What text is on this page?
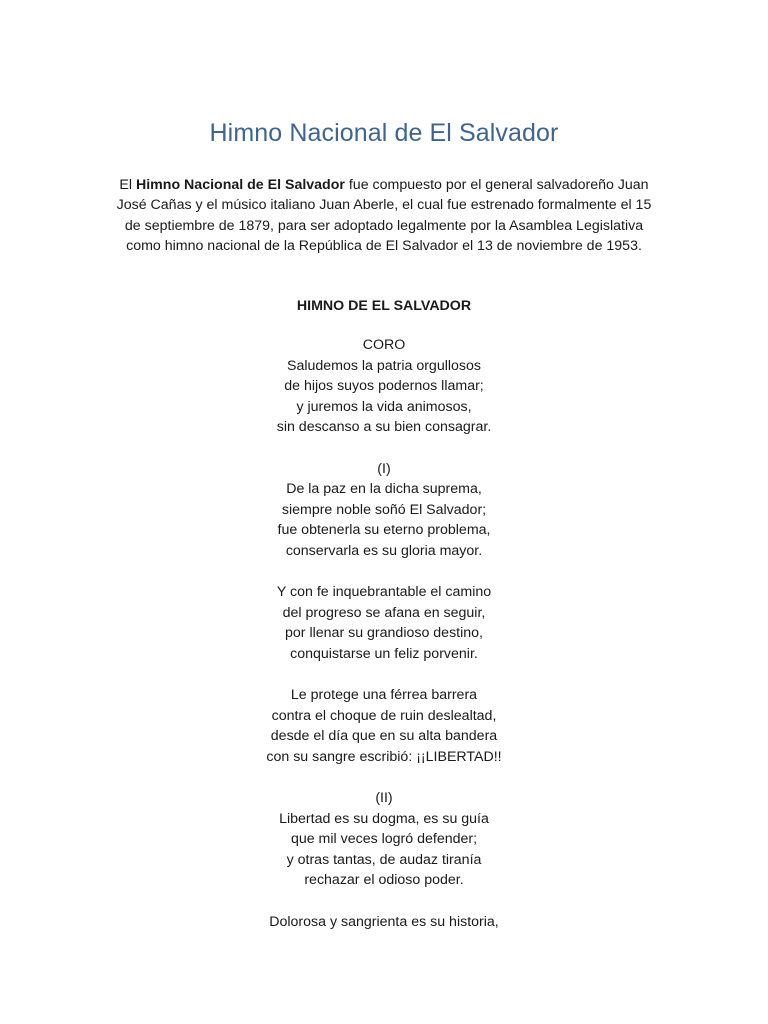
Himno Nacional de El Salvador

El Himno Nacional de El Salvador fue compuesto por el general salvadoreño Juan José Cañas y el músico italiano Juan Aberle, el cual fue estrenado formalmente el 15 de septiembre de 1879, para ser adoptado legalmente por la Asamblea Legislativa como himno nacional de la República de El Salvador el 13 de noviembre de 1953.

HIMNO DE EL SALVADOR
CORO
Saludemos la patria orgullosos
de hijos suyos podernos llamar;
y juremos la vida animosos,
sin descanso a su bien consagrar.
(I)
De la paz en la dicha suprema,
siempre noble soñó El Salvador;
fue obtenerla su eterno problema,
conservarla es su gloria mayor.
Y con fe inquebrantable el camino
del progreso se afana en seguir,
por llenar su grandioso destino,
conquistarse un feliz porvenir.
Le protege una férrea barrera
contra el choque de ruin deslealtad,
desde el día que en su alta bandera
con su sangre escribió: ¡¡LIBERTAD!!
(II)
Libertad es su dogma, es su guía
que mil veces logró defender;
y otras tantas, de audaz tiranía
rechazar el odioso poder.
Dolorosa y sangrienta es su historia,
